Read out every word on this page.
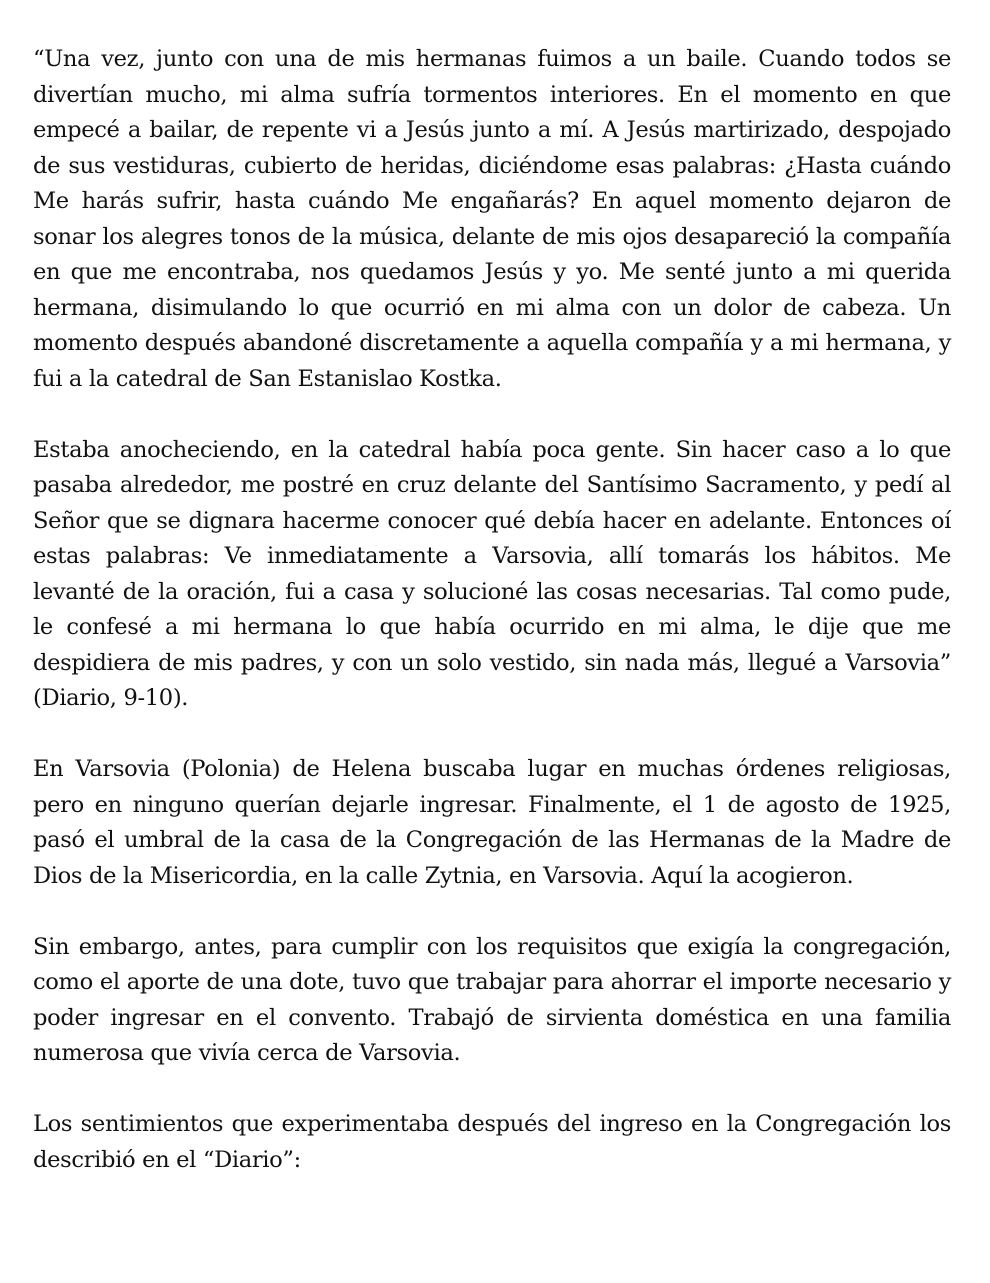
“Una vez, junto con una de mis hermanas fuimos a un baile. Cuando todos se divertían mucho, mi alma sufría tormentos interiores. En el momento en que empecé a bailar, de repente vi a Jesús junto a mí. A Jesús martirizado, despojado de sus vestiduras, cubierto de heridas, diciéndome esas palabras: ¿Hasta cuándo Me harás sufrir, hasta cuándo Me engañarás? En aquel momento dejaron de sonar los alegres tonos de la música, delante de mis ojos desapareció la compañía en que me encontraba, nos quedamos Jesús y yo. Me senté junto a mi querida hermana, disimulando lo que ocurrió en mi alma con un dolor de cabeza. Un momento después abandoné discretamente a aquella compañía y a mi hermana, y fui a la catedral de San Estanislao Kostka.

Estaba anocheciendo, en la catedral había poca gente. Sin hacer caso a lo que pasaba alrededor, me postré en cruz delante del Santísimo Sacramento, y pedí al Señor que se dignara hacerme conocer qué debía hacer en adelante. Entonces oí estas palabras: Ve inmediatamente a Varsovia, allí tomarás los hábitos. Me levanté de la oración, fui a casa y solucioné las cosas necesarias. Tal como pude, le confesé a mi hermana lo que había ocurrido en mi alma, le dije que me despidiera de mis padres, y con un solo vestido, sin nada más, llegué a Varsovia” (Diario, 9-10).

En Varsovia (Polonia) de Helena buscaba lugar en muchas órdenes religiosas, pero en ninguno querían dejarle ingresar. Finalmente, el 1 de agosto de 1925, pasó el umbral de la casa de la Congregación de las Hermanas de la Madre de Dios de la Misericordia, en la calle Zytnia, en Varsovia. Aquí la acogieron.

Sin embargo, antes, para cumplir con los requisitos que exigía la congregación, como el aporte de una dote, tuvo que trabajar para ahorrar el importe necesario y poder ingresar en el convento. Trabajó de sirvienta doméstica en una familia numerosa que vivía cerca de Varsovia.

Los sentimientos que experimentaba después del ingreso en la Congregación los describió en el “Diario”:
